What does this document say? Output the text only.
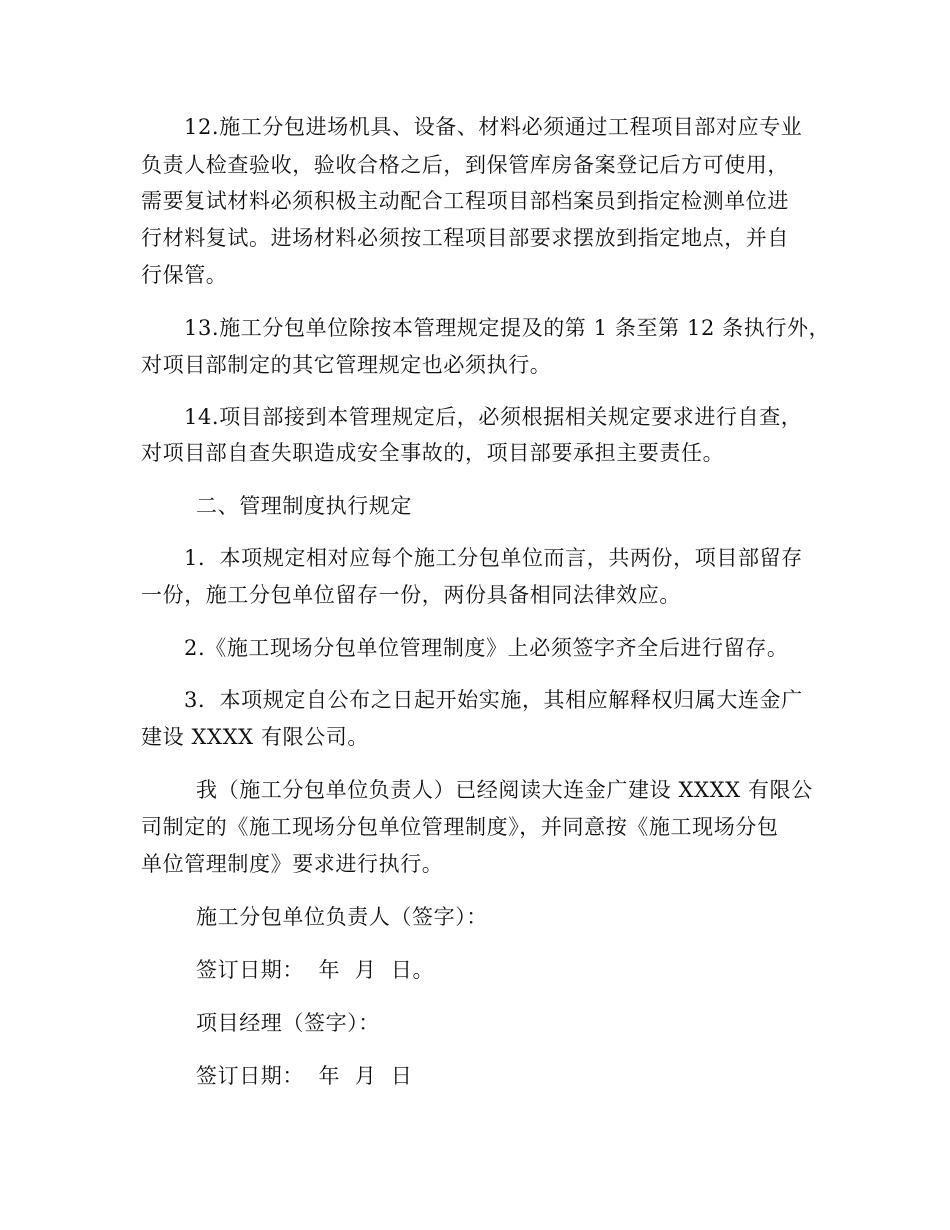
12.施工分包进场机具、设备、材料必须通过工程项目部对应专业
负责人检查验收，验收合格之后，到保管库房备案登记后方可使用，
需要复试材料必须积极主动配合工程项目部档案员到指定检测单位进
行材料复试。进场材料必须按工程项目部要求摆放到指定地点，并自
行保管。
13.施工分包单位除按本管理规定提及的第 1 条至第 12 条执行外，
对项目部制定的其它管理规定也必须执行。
14.项目部接到本管理规定后，必须根据相关规定要求进行自查，
对项目部自查失职造成安全事故的，项目部要承担主要责任。
二、管理制度执行规定
1．本项规定相对应每个施工分包单位而言，共两份，项目部留存
一份，施工分包单位留存一份，两份具备相同法律效应。
2.《施工现场分包单位管理制度》上必须签字齐全后进行留存。
3．本项规定自公布之日起开始实施，其相应解释权归属大连金广
建设 XXXX 有限公司。
我（施工分包单位负责人）已经阅读大连金广建设 XXXX 有限公
司制定的《施工现场分包单位管理制度》，并同意按《施工现场分包
单位管理制度》要求进行执行。
施工分包单位负责人（签字）：
签订日期：  年  月  日。
项目经理（签字）：
签订日期：  年  月  日
